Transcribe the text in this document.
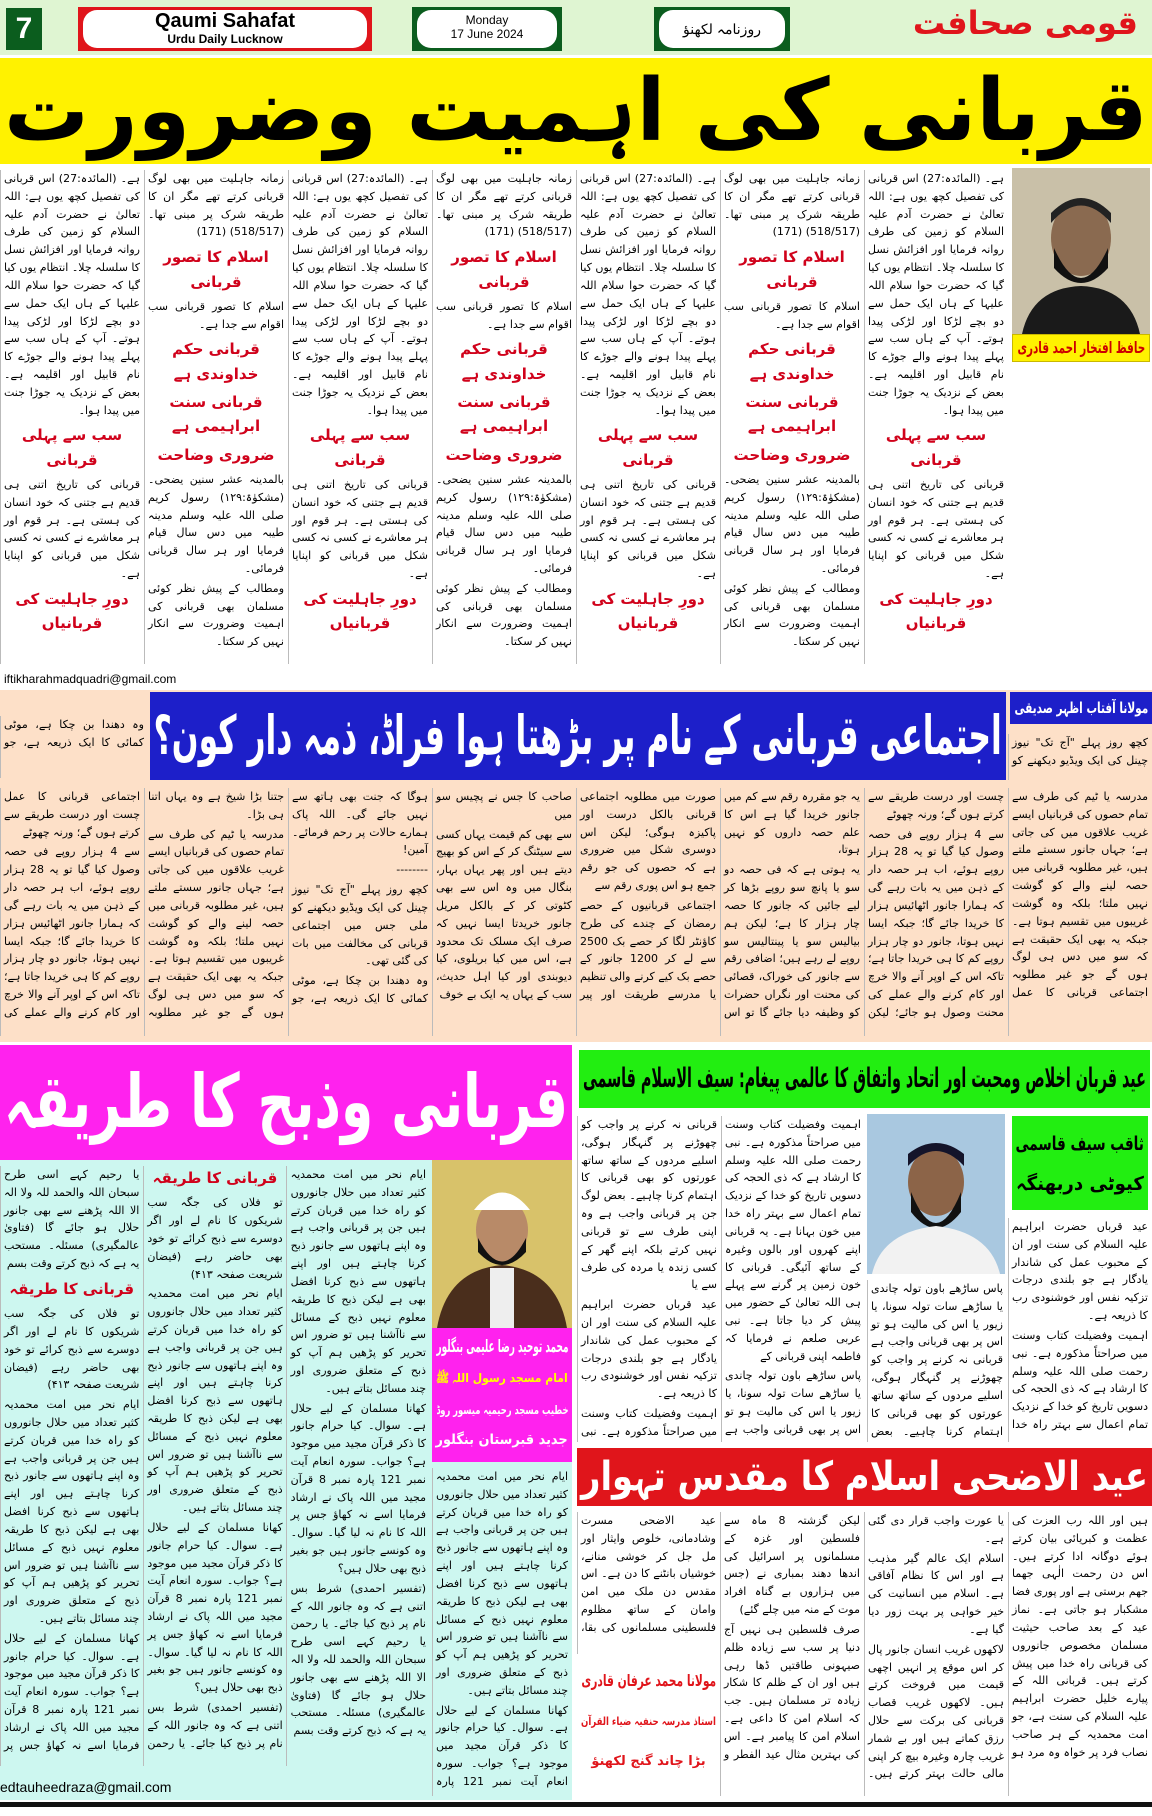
7	Qaumi Sahafat
Urdu Daily Lucknow
Monday
17 June 2024	روزنامہ لکھنؤ	قومی صحافت
قربانی کی اہمیت وضرورت

ہے۔ (المائدہ:27) اس قربانی کی تفصیل کچھ یوں ہے: اللہ تعالیٰ نے حضرت آدم علیہ السلام کو زمین کی طرف روانہ فرمایا اور افزائش نسل کا سلسلہ چلا۔ انتظام یوں کیا گیا کہ حضرت حوا سلام اللہ علیہا کے ہاں ایک حمل سے دو بچے لڑکا اور لڑکی پیدا ہوتے۔ آپ کے ہاں سب سے پہلے پیدا ہونے والے جوڑے کا نام قابیل اور اقلیمہ ہے۔ بعض کے نزدیک یہ جوڑا جنت میں پیدا ہوا۔

سب سے پہلی قربانی

قربانی کی تاریخ اتنی ہی قدیم ہے جتنی کہ خود انسان کی ہستی ہے۔ ہر قوم اور ہر معاشرے نے کسی نہ کسی شکل میں قربانی کو اپنایا ہے۔

دورِ جاہلیت کی قربانیاں

زمانہ جاہلیت میں بھی لوگ قربانی کرتے تھے مگر ان کا طریقہ شرک پر مبنی تھا۔ (518/517) (171)

اسلام کا تصور قربانی

اسلام کا تصور قربانی سب اقوام سے جدا ہے۔

قربانی حکم خداوندی ہے

قربانی سنت ابراہیمی ہے

ضروری وضاحت

بالمدینہ عشر سنین یضحی۔ (مشکوٰۃ:۱۲۹) رسول کریم صلی اللہ علیہ وسلم مدینہ طیبہ میں دس سال قیام فرمایا اور ہر سال قربانی فرمائی۔

ومطالب کے پیش نظر کوئی مسلمان بھی قربانی کی اہمیت وضرورت سے انکار نہیں کر سکتا۔

ہے۔ (المائدہ:27) اس قربانی کی تفصیل کچھ یوں ہے: اللہ تعالیٰ نے حضرت آدم علیہ السلام کو زمین کی طرف روانہ فرمایا اور افزائش نسل کا سلسلہ چلا۔ انتظام یوں کیا گیا کہ حضرت حوا سلام اللہ علیہا کے ہاں ایک حمل سے دو بچے لڑکا اور لڑکی پیدا ہوتے۔ آپ کے ہاں سب سے پہلے پیدا ہونے والے جوڑے کا نام قابیل اور اقلیمہ ہے۔ بعض کے نزدیک یہ جوڑا جنت میں پیدا ہوا۔

سب سے پہلی قربانی

قربانی کی تاریخ اتنی ہی قدیم ہے جتنی کہ خود انسان کی ہستی ہے۔ ہر قوم اور ہر معاشرے نے کسی نہ کسی شکل میں قربانی کو اپنایا ہے۔

دورِ جاہلیت کی قربانیاں

زمانہ جاہلیت میں بھی لوگ قربانی کرتے تھے مگر ان کا طریقہ شرک پر مبنی تھا۔ (518/517) (171)

اسلام کا تصور قربانی

اسلام کا تصور قربانی سب اقوام سے جدا ہے۔

قربانی حکم خداوندی ہے

قربانی سنت ابراہیمی ہے

ضروری وضاحت

بالمدینہ عشر سنین یضحی۔ (مشکوٰۃ:۱۲۹) رسول کریم صلی اللہ علیہ وسلم مدینہ طیبہ میں دس سال قیام فرمایا اور ہر سال قربانی فرمائی۔

ومطالب کے پیش نظر کوئی مسلمان بھی قربانی کی اہمیت وضرورت سے انکار نہیں کر سکتا۔

ہے۔ (المائدہ:27) اس قربانی کی تفصیل کچھ یوں ہے: اللہ تعالیٰ نے حضرت آدم علیہ السلام کو زمین کی طرف روانہ فرمایا اور افزائش نسل کا سلسلہ چلا۔ انتظام یوں کیا گیا کہ حضرت حوا سلام اللہ علیہا کے ہاں ایک حمل سے دو بچے لڑکا اور لڑکی پیدا ہوتے۔ آپ کے ہاں سب سے پہلے پیدا ہونے والے جوڑے کا نام قابیل اور اقلیمہ ہے۔ بعض کے نزدیک یہ جوڑا جنت میں پیدا ہوا۔

سب سے پہلی قربانی

قربانی کی تاریخ اتنی ہی قدیم ہے جتنی کہ خود انسان کی ہستی ہے۔ ہر قوم اور ہر معاشرے نے کسی نہ کسی شکل میں قربانی کو اپنایا ہے۔

دورِ جاہلیت کی قربانیاں

زمانہ جاہلیت میں بھی لوگ قربانی کرتے تھے مگر ان کا طریقہ شرک پر مبنی تھا۔ (518/517) (171)

اسلام کا تصور قربانی

اسلام کا تصور قربانی سب اقوام سے جدا ہے۔

قربانی حکم خداوندی ہے

قربانی سنت ابراہیمی ہے

ضروری وضاحت

بالمدینہ عشر سنین یضحی۔ (مشکوٰۃ:۱۲۹) رسول کریم صلی اللہ علیہ وسلم مدینہ طیبہ میں دس سال قیام فرمایا اور ہر سال قربانی فرمائی۔

ومطالب کے پیش نظر کوئی مسلمان بھی قربانی کی اہمیت وضرورت سے انکار نہیں کر سکتا۔

ہے۔ (المائدہ:27) اس قربانی کی تفصیل کچھ یوں ہے: اللہ تعالیٰ نے حضرت آدم علیہ السلام کو زمین کی طرف روانہ فرمایا اور افزائش نسل کا سلسلہ چلا۔ انتظام یوں کیا گیا کہ حضرت حوا سلام اللہ علیہا کے ہاں ایک حمل سے دو بچے لڑکا اور لڑکی پیدا ہوتے۔ آپ کے ہاں سب سے پہلے پیدا ہونے والے جوڑے کا نام قابیل اور اقلیمہ ہے۔ بعض کے نزدیک یہ جوڑا جنت میں پیدا ہوا۔

سب سے پہلی قربانی

قربانی کی تاریخ اتنی ہی قدیم ہے جتنی کہ خود انسان کی ہستی ہے۔ ہر قوم اور ہر معاشرے نے کسی نہ کسی شکل میں قربانی کو اپنایا ہے۔

دورِ جاہلیت کی قربانیاں

حافظ افتخار احمد قادری
iftikharahmadquadri@gmail.com

وہ دھندا بن چکا ہے، موٹی کمائی کا ایک ذریعہ ہے، جو	اجتماعی قربانی کے نام پر بڑھتا ہوا فراڈ، ذمہ دار کون؟ مولانا آفتاب اظہر صدیقی

کچھ روز پہلے "آج تک" نیوز چینل کی ایک ویڈیو دیکھنے کو

مدرسہ یا ٹیم کی طرف سے تمام حصوں کی قربانیاں ایسے غریب علاقوں میں کی جاتی ہے؛ جہاں جانور سستے ملتے ہیں، غیر مطلوبہ قربانی میں حصہ لینے والے کو گوشت نہیں ملتا؛ بلکہ وہ گوشت غریبوں میں تقسیم ہوتا ہے۔ جبکہ یہ بھی ایک حقیقت ہے کہ سو میں دس ہی لوگ ہوں گے جو غیر مطلوبہ اجتماعی قربانی کا عمل چست اور درست طریقے سے کرتے ہوں گے؛ ورنہ چھوٹے

سے 4 ہزار روپے فی حصہ وصول کیا گیا تو یہ 28 ہزار روپے ہوئے، اب ہر حصہ دار کے ذہن میں یہ بات رہے گی کہ ہمارا جانور اٹھائیس ہزار کا خریدا جائے گا؛ جبکہ ایسا نہیں ہوتا، جانور دو چار ہزار روپے کم کا ہی خریدا جاتا ہے؛ تاکہ اس کے اوپر آنے والا خرچ اور کام کرنے والے عملے کی محنت وصول ہو جائے؛ لیکن یہ جو مقررہ رقم سے کم میں جانور خریدا گیا ہے اس کا علم حصہ داروں کو نہیں ہوتا،

یہ ہوتی ہے کہ فی حصہ دو سو یا پانچ سو روپے بڑھا کر لیے جائیں کہ جانور کا حصہ چار ہزار کا ہے؛ لیکن ہم بیالیس سو یا پینتالیس سو روپے لے رہے ہیں؛ اضافی رقم سے جانور کی خوراک، قصائی کی محنت اور نگراں حضرات کو وظیفہ دیا جائے گا تو اس صورت میں مطلوبہ اجتماعی قربانی بالکل درست اور پاکیزہ ہوگی؛ لیکن اس دوسری شکل میں ضروری ہے کہ حصوں کی جو رقم جمع ہو اس پوری رقم سے

اجتماعی قربانیوں کے حصے رمضان کے چندے کی طرح کاؤنٹر لگا کر حصے بک 2500 سے لے کر 1200 جانور کے حصے بک کیے کرنے والی تنظیم یا مدرسے طریقت اور پیر صاحب کا جس نے پچیس سو میں

سے بھی کم قیمت یہاں کسی سے سیٹنگ کر کے اس کو بھیج دیتے ہیں اور پھر یہاں بہار، بنگال میں وہ اس سے بھی کٹوتی کر کے بالکل مریل جانور خریدتا ایسا نہیں کہ صرف ایک مسلک تک محدود ہے، اس میں کیا بریلوی، کیا دیوبندی اور کیا اہل حدیث، سب کے یہاں یہ ایک بے خوف

ہوگا کہ جنت بھی ہاتھ سے نہیں جائے گی۔ اللہ پاک ہمارے حالات پر رحم فرمائے۔ آمین!

--------

کچھ روز پہلے "آج تک" نیوز چینل کی ایک ویڈیو دیکھنے کو ملی جس میں اجتماعی قربانی کی مخالفت میں بات کی گئی تھی۔

وہ دھندا بن چکا ہے، موٹی کمائی کا ایک ذریعہ ہے، جو جتنا بڑا شیخ ہے وہ یہاں اتنا ہی بڑا۔

مدرسہ یا ٹیم کی طرف سے تمام حصوں کی قربانیاں ایسے غریب علاقوں میں کی جاتی ہے؛ جہاں جانور سستے ملتے ہیں، غیر مطلوبہ قربانی میں حصہ لینے والے کو گوشت نہیں ملتا؛ بلکہ وہ گوشت غریبوں میں تقسیم ہوتا ہے۔ جبکہ یہ بھی ایک حقیقت ہے کہ سو میں دس ہی لوگ ہوں گے جو غیر مطلوبہ اجتماعی قربانی کا عمل چست اور درست طریقے سے کرتے ہوں گے؛ ورنہ چھوٹے

سے 4 ہزار روپے فی حصہ وصول کیا گیا تو یہ 28 ہزار روپے ہوئے، اب ہر حصہ دار کے ذہن میں یہ بات رہے گی کہ ہمارا جانور اٹھائیس ہزار کا خریدا جائے گا؛ جبکہ ایسا نہیں ہوتا، جانور دو چار ہزار روپے کم کا ہی خریدا جاتا ہے؛ تاکہ اس کے اوپر آنے والا خرچ اور کام کرنے والے عملے کی

قربانی وذبح کا طریقہ

ایام نحر میں امت محمدیہ کثیر تعداد میں حلال جانوروں کو راہ خدا میں قربان کرتے ہیں جن پر قربانی واجب ہے وہ اپنے ہاتھوں سے جانور ذبح کرنا چاہتے ہیں اور اپنے ہاتھوں سے ذبح کرنا افضل بھی ہے لیکن ذبح کا طریقہ معلوم نہیں ذبح کے مسائل سے ناآشنا ہیں تو ضرور اس تحریر کو پڑھیں ہم آپ کو ذبح کے متعلق ضروری اور چند مسائل بتاتے ہیں۔

کھانا مسلمان کے لیے حلال ہے۔ سوال۔ کیا حرام جانور کا ذکر قرآن مجید میں موجود ہے؟ جواب۔ سورہ انعام آیت نمبر 121 پارہ نمبر 8 قرآن مجید میں اللہ پاک نے ارشاد فرمایا اسے نہ کھاؤ جس پر اللہ کا نام نہ لیا گیا۔ سوال۔ وہ کونسے جانور ہیں جو بغیر ذبح بھی حلال ہیں؟

(تفسیر احمدی) شرط بس اتنی ہے کہ وہ جانور اللہ کے نام پر ذبح کیا جائے۔ یا رحمن یا رحیم کہے اسی طرح سبحان اللہ والحمد للہ ولا الہ الا اللہ پڑھنے سے بھی جانور حلال ہو جائے گا (فتاویٰ عالمگیری) مسئلہ۔ مستحب یہ ہے کہ ذبح کرتے وقت بسم

قربانی کا طریقہ

تو فلاں کی جگہ سب شریکوں کا نام لے اور اگر دوسرے سے ذبح کرائے تو خود بھی حاضر رہے (فیضان شریعت صفحہ ۴۱۳)

ایام نحر میں امت محمدیہ کثیر تعداد میں حلال جانوروں کو راہ خدا میں قربان کرتے ہیں جن پر قربانی واجب ہے وہ اپنے ہاتھوں سے جانور ذبح کرنا چاہتے ہیں اور اپنے ہاتھوں سے ذبح کرنا افضل بھی ہے لیکن ذبح کا طریقہ معلوم نہیں ذبح کے مسائل سے ناآشنا ہیں تو ضرور اس تحریر کو پڑھیں ہم آپ کو ذبح کے متعلق ضروری اور چند مسائل بتاتے ہیں۔

کھانا مسلمان کے لیے حلال ہے۔ سوال۔ کیا حرام جانور کا ذکر قرآن مجید میں موجود ہے؟ جواب۔ سورہ انعام آیت نمبر 121 پارہ نمبر 8 قرآن مجید میں اللہ پاک نے ارشاد فرمایا اسے نہ کھاؤ جس پر اللہ کا نام نہ لیا گیا۔ سوال۔ وہ کونسے جانور ہیں جو بغیر ذبح بھی حلال ہیں؟

(تفسیر احمدی) شرط بس اتنی ہے کہ وہ جانور اللہ کے نام پر ذبح کیا جائے۔ یا رحمن یا رحیم کہے اسی طرح سبحان اللہ والحمد للہ ولا الہ الا اللہ پڑھنے سے بھی جانور حلال ہو جائے گا (فتاویٰ عالمگیری) مسئلہ۔ مستحب یہ ہے کہ ذبح کرتے وقت بسم

قربانی کا طریقہ

تو فلاں کی جگہ سب شریکوں کا نام لے اور اگر دوسرے سے ذبح کرائے تو خود بھی حاضر رہے (فیضان شریعت صفحہ ۴۱۳)

ایام نحر میں امت محمدیہ کثیر تعداد میں حلال جانوروں کو راہ خدا میں قربان کرتے ہیں جن پر قربانی واجب ہے وہ اپنے ہاتھوں سے جانور ذبح کرنا چاہتے ہیں اور اپنے ہاتھوں سے ذبح کرنا افضل بھی ہے لیکن ذبح کا طریقہ معلوم نہیں ذبح کے مسائل سے ناآشنا ہیں تو ضرور اس تحریر کو پڑھیں ہم آپ کو ذبح کے متعلق ضروری اور چند مسائل بتاتے ہیں۔

کھانا مسلمان کے لیے حلال ہے۔ سوال۔ کیا حرام جانور کا ذکر قرآن مجید میں موجود ہے؟ جواب۔ سورہ انعام آیت نمبر 121 پارہ نمبر 8 قرآن مجید میں اللہ پاک نے ارشاد فرمایا اسے نہ کھاؤ جس پر

محمد توحید رضا علیمی بنگلور
امام مسجد رسول اللہ ﷺ
خطیب مسجد رحیمیہ میسور روڈ
جدید قبرستان بنگلور

ایام نحر میں امت محمدیہ کثیر تعداد میں حلال جانوروں کو راہ خدا میں قربان کرتے ہیں جن پر قربانی واجب ہے وہ اپنے ہاتھوں سے جانور ذبح کرنا چاہتے ہیں اور اپنے ہاتھوں سے ذبح کرنا افضل بھی ہے لیکن ذبح کا طریقہ معلوم نہیں ذبح کے مسائل سے ناآشنا ہیں تو ضرور اس تحریر کو پڑھیں ہم آپ کو ذبح کے متعلق ضروری اور چند مسائل بتاتے ہیں۔

کھانا مسلمان کے لیے حلال ہے۔ سوال۔ کیا حرام جانور کا ذکر قرآن مجید میں موجود ہے؟ جواب۔ سورہ انعام آیت نمبر 121 پارہ

edtauheedraza@gmail.com
عید قربان اخلاص ومحبت اور اتحاد واتفاق کا عالمی پیغام: سیف الاسلام قاسمی

اہمیت وفضیلت کتاب وسنت میں صراحتاً مذکورہ ہے۔ نبی رحمت صلی اللہ علیہ وسلم کا ارشاد ہے کہ ذی الحجہ کی دسویں تاریخ کو خدا کے نزدیک تمام اعمال سے بہتر راہ خدا میں خون بہانا ہے۔ یہ قربانی اپنے کھروں اور بالوں وغیرہ کے ساتھ آئیگی۔ قربانی کا خون زمین پر گرنے سے پہلے ہی اللہ تعالیٰ کے حضور میں پیش کر دیا جاتا ہے۔ نبی عربی صلعم نے فرمایا کہ فاطمہ اپنی قربانی کے

پاس ساڑھے باون تولہ چاندی یا ساڑھے سات تولہ سونا، یا زیور یا اس کی مالیت ہو تو اس پر بھی قربانی واجب ہے قربانی نہ کرنے پر واجب کو چھوڑنے پر گنہگار ہوگی، اسلیے مردوں کے ساتھ ساتھ عورتوں کو بھی قربانی کا اہتمام کرنا چاہیے۔ بعض لوگ جن پر قربانی واجب ہے وہ اپنی طرف سے تو قربانی نہیں کرتے بلکہ اپنے گھر کے کسی زندہ یا مردہ کی طرف سے یا

عید قرباں حضرت ابراہیم علیہ السلام کی سنت اور ان کے محبوب عمل کی شاندار یادگار ہے جو بلندی درجات تزکیہ نفس اور خوشنودی رب کا ذریعہ ہے۔

اہمیت وفضیلت کتاب وسنت میں صراحتاً مذکورہ ہے۔ نبی

پاس ساڑھے باون تولہ چاندی یا ساڑھے سات تولہ سونا، یا زیور یا اس کی مالیت ہو تو اس پر بھی قربانی واجب ہے قربانی نہ کرنے پر واجب کو چھوڑنے پر گنہگار ہوگی، اسلیے مردوں کے ساتھ ساتھ عورتوں کو بھی قربانی کا اہتمام کرنا چاہیے۔ بعض

ثاقب سیف قاسمی
کیوٹی دربھنگہ

عید قرباں حضرت ابراہیم علیہ السلام کی سنت اور ان کے محبوب عمل کی شاندار یادگار ہے جو بلندی درجات تزکیہ نفس اور خوشنودی رب کا ذریعہ ہے۔

اہمیت وفضیلت کتاب وسنت میں صراحتاً مذکورہ ہے۔ نبی رحمت صلی اللہ علیہ وسلم کا ارشاد ہے کہ ذی الحجہ کی دسویں تاریخ کو خدا کے نزدیک تمام اعمال سے بہتر راہ خدا

عید الاضحی اسلام کا مقدس تہوار

ہیں اور اللہ رب العزت کی عظمت و کبریائی بیان کرتے ہوئے دوگانہ ادا کرتے ہیں۔ اس دن رحمت الٰہی جھما جھم برستی ہے اور پوری فضا مشکبار ہو جاتی ہے۔ نماز عید کے بعد صاحب حیثیت مسلمان مخصوص جانوروں کی قربانی راہ خدا میں پیش کرتے ہیں۔ قربانی اللہ کے پیارے خلیل حضرت ابراہیم علیہ السلام کی سنت ہے، جو امت محمدیہ کے ہر صاحب نصاب فرد پر خواہ وہ مرد ہو یا عورت واجب قرار دی گئی ہے۔

اسلام ایک عالم گیر مذہب ہے اور اس کا نظام آفاقی ہے۔ اسلام میں انسانیت کی خیر خواہی پر بہت زور دیا گیا ہے۔

لاکھوں غریب انسان جانور پال کر اس موقع پر انہیں اچھی قیمت میں فروخت کرتے ہیں۔ لاکھوں غریب قصاب قربانی کی برکت سے حلال رزق کماتے ہیں اور بے شمار غریب چارہ وغیرہ بیچ کر اپنی مالی حالت بہتر کرتے ہیں۔ لیکن گزشتہ 8 ماہ سے فلسطین اور غزہ کے مسلمانوں پر اسرائیل کی اندھا دھند بمباری نے (جس میں ہزاروں بے گناہ افراد موت کے منہ میں چلے گئے)

صرف فلسطین ہی نہیں آج دنیا پر سب سے زیادہ ظلم صیہونی طاقتیں ڈھا رہی ہیں اور ان کے ظلم کا شکار زیادہ تر مسلمان ہیں۔ جب کہ اسلام امن کا داعی ہے۔ اسلام امن کا پیامبر ہے۔ اس کی بہترین مثال عید الفطر و

عید الاضحی مسرت وشادمانی، خلوص وایثار اور مل جل کر خوشی منانے، خوشیاں بانٹنے کا دن ہے۔ اس مقدس دن ملک میں امن وامان کے ساتھ مظلوم فلسطینی مسلمانوں کی بقا،

مولانا محمد عرفان قادری
استاذ مدرسہ حنفیہ ضیاء القرآن
بڑا چاند گنج لکھنؤ
